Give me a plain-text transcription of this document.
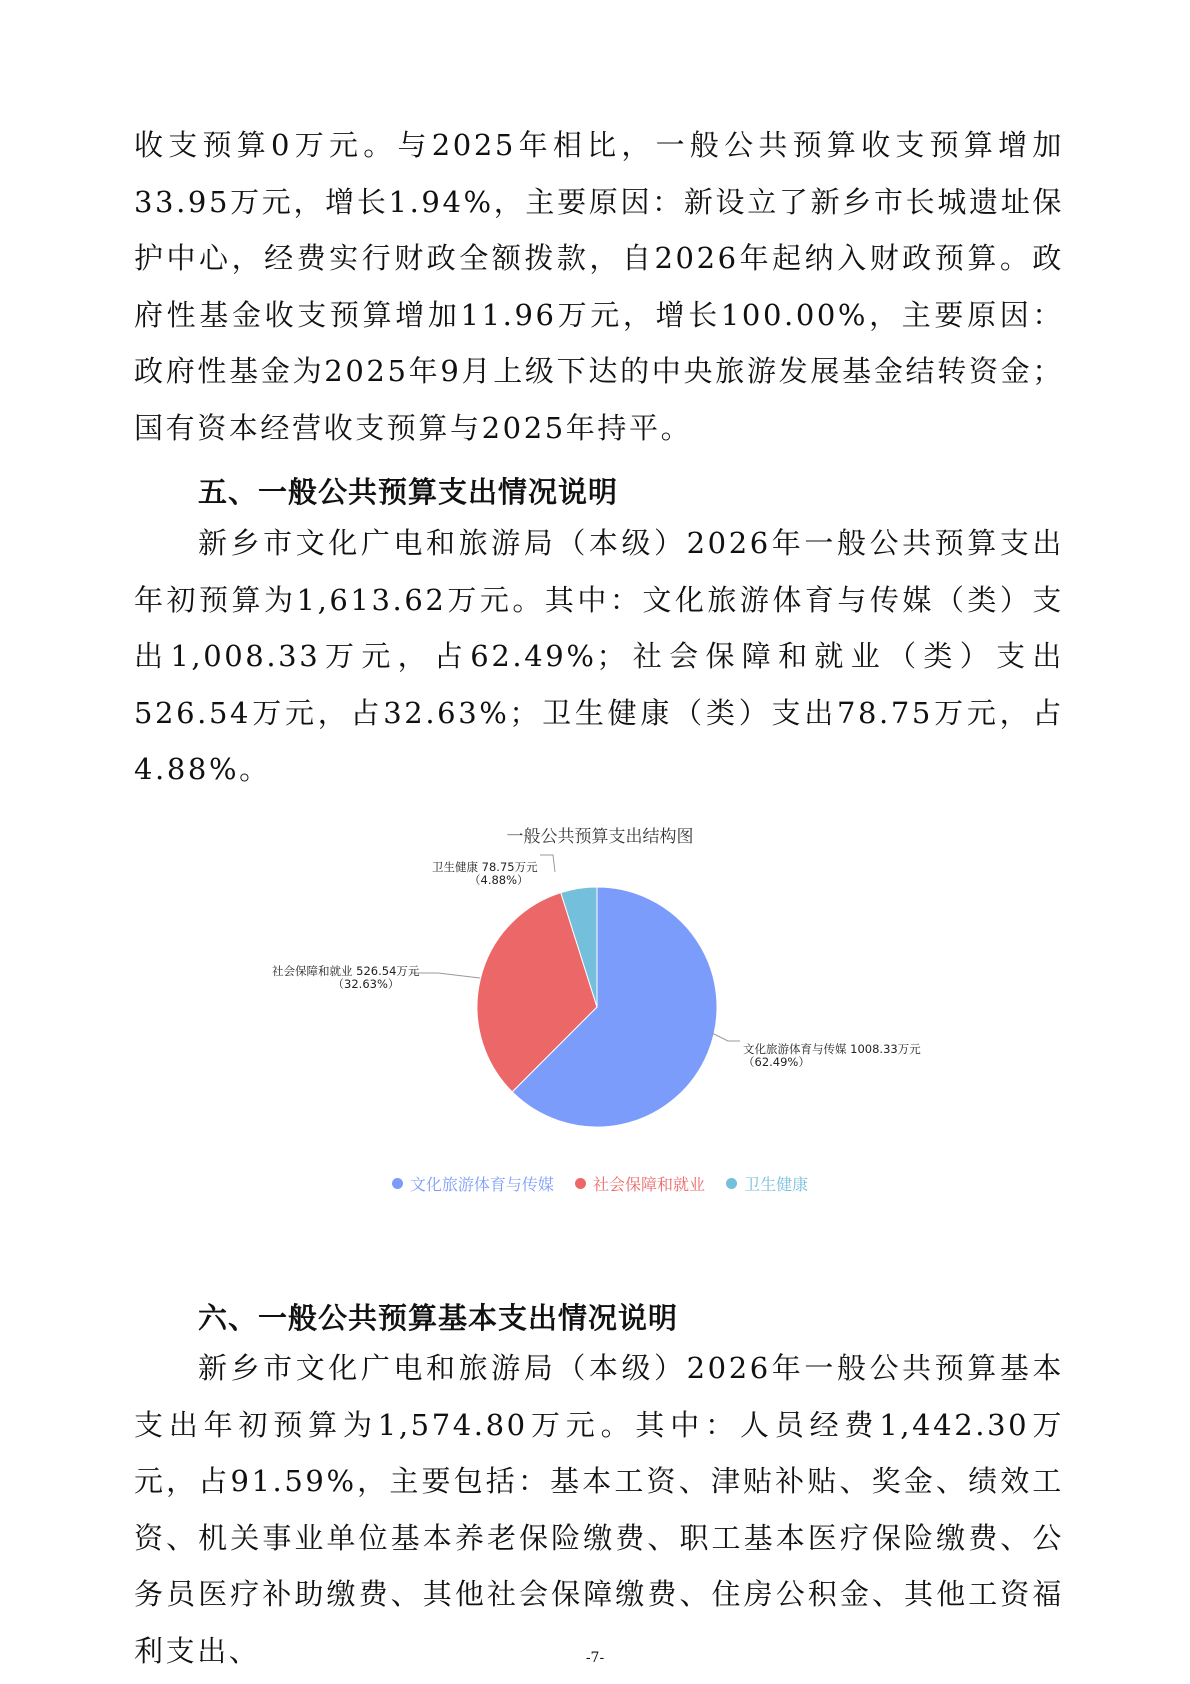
收支预算0万元。与2025年相比，一般公共预算收支预算增加33.95万元，增长1.94%，主要原因：新设立了新乡市长城遗址保护中心，经费实行财政全额拨款，自2026年起纳入财政预算。政府性基金收支预算增加11.96万元，增长100.00%，主要原因：政府性基金为2025年9月上级下达的中央旅游发展基金结转资金；国有资本经营收支预算与2025年持平。

五、一般公共预算支出情况说明

新乡市文化广电和旅游局（本级）2026年一般公共预算支出年初预算为1,613.62万元。其中：文化旅游体育与传媒（类）支出1,008.33万元，占62.49%；社会保障和就业（类）支出526.54万元，占32.63%；卫生健康（类）支出78.75万元，占4.88%。

一般公共预算支出结构图
卫生健康 78.75万元
（4.88%）
社会保障和就业 526.54万元
（32.63%）
文化旅游体育与传媒 1008.33万元
（62.49%）
文化旅游体育与传媒
社会保障和就业
卫生健康
六、一般公共预算基本支出情况说明

新乡市文化广电和旅游局（本级）2026年一般公共预算基本支出年初预算为1,574.80万元。其中：人员经费1,442.30万元，占91.59%，主要包括：基本工资、津贴补贴、奖金、绩效工资、机关事业单位基本养老保险缴费、职工基本医疗保险缴费、公务员医疗补助缴费、其他社会保障缴费、住房公积金、其他工资福利支出、	-7-
